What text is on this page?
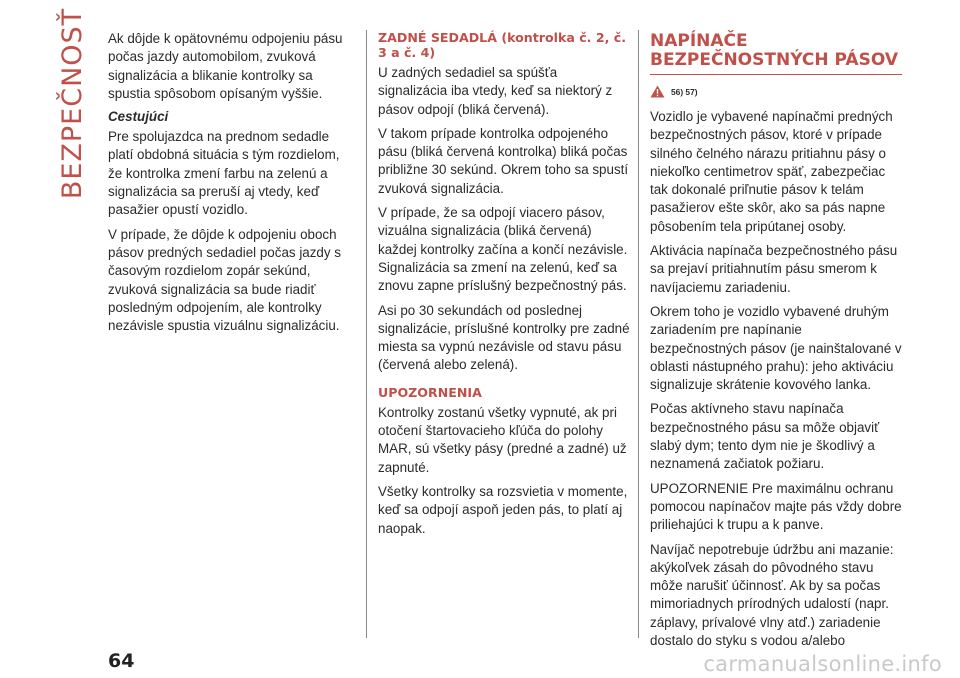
BEZPEČNOSŤ Ak dôjde k opätovnému odpojeniu pásu počas jazdy automobilom, zvuková signalizácia a blikanie kontrolky sa spustia spôsobom opísaným vyššie.

Cestujúci

Pre spolujazdca na prednom sedadle platí obdobná situácia s tým rozdielom, že kontrolka zmení farbu na zelenú a signalizácia sa preruší aj vtedy, keď pasažier opustí vozidlo.

V prípade, že dôjde k odpojeniu oboch pásov predných sedadiel počas jazdy s časovým rozdielom zopár sekúnd, zvuková signalizácia sa bude riadiť posledným odpojením, ale kontrolky nezávisle spustia vizuálnu signalizáciu.

ZADNÉ SEDADLÁ (kontrolka č. 2, č. 3 a č. 4)

U zadných sedadiel sa spúšťa signalizácia iba vtedy, keď sa niektorý z pásov odpojí (bliká červená).

V takom prípade kontrolka odpojeného pásu (bliká červená kontrolka) bliká počas približne 30 sekúnd. Okrem toho sa spustí zvuková signalizácia.

V prípade, že sa odpojí viacero pásov, vizuálna signalizácia (bliká červená) každej kontrolky začína a končí nezávisle. Signalizácia sa zmení na zelenú, keď sa znovu zapne príslušný bezpečnostný pás.

Asi po 30 sekundách od poslednej signalizácie, príslušné kontrolky pre zadné miesta sa vypnú nezávisle od stavu pásu (červená alebo zelená).

UPOZORNENIA

Kontrolky zostanú všetky vypnuté, ak pri otočení štartovacieho kľúča do polohy MAR, sú všetky pásy (predné a zadné) už zapnuté.

Všetky kontrolky sa rozsvietia v momente, keď sa odpojí aspoň jeden pás, to platí aj naopak.

NAPÍNAČE BEZPEČNOSTNÝCH PÁSOV

56) 57)

Vozidlo je vybavené napínačmi predných bezpečnostných pásov, ktoré v prípade silného čelného nárazu pritiahnu pásy o niekoľko centimetrov späť, zabezpečiac tak dokonalé priľnutie pásov k telám pasažierov ešte skôr, ako sa pás napne pôsobením tela pripútanej osoby.

Aktivácia napínača bezpečnostného pásu sa prejaví pritiahnutím pásu smerom k navíjaciemu zariadeniu.

Okrem toho je vozidlo vybavené druhým zariadením pre napínanie bezpečnostných pásov (je nainštalované v oblasti nástupného prahu): jeho aktiváciu signalizuje skrátenie kovového lanka.

Počas aktívneho stavu napínača bezpečnostného pásu sa môže objaviť slabý dym; tento dym nie je škodlivý a neznamená začiatok požiaru.

UPOZORNENIE Pre maximálnu ochranu pomocou napínačov majte pás vždy dobre priliehajúci k trupu a k panve.

Navíjač nepotrebuje údržbu ani mazanie: akýkoľvek zásah do pôvodného stavu môže narušiť účinnosť. Ak by sa počas mimoriadnych prírodných udalostí (napr. záplavy, prívalové vlny atď.) zariadenie dostalo do styku s vodou a/alebo

64	carmanualsonline.info
